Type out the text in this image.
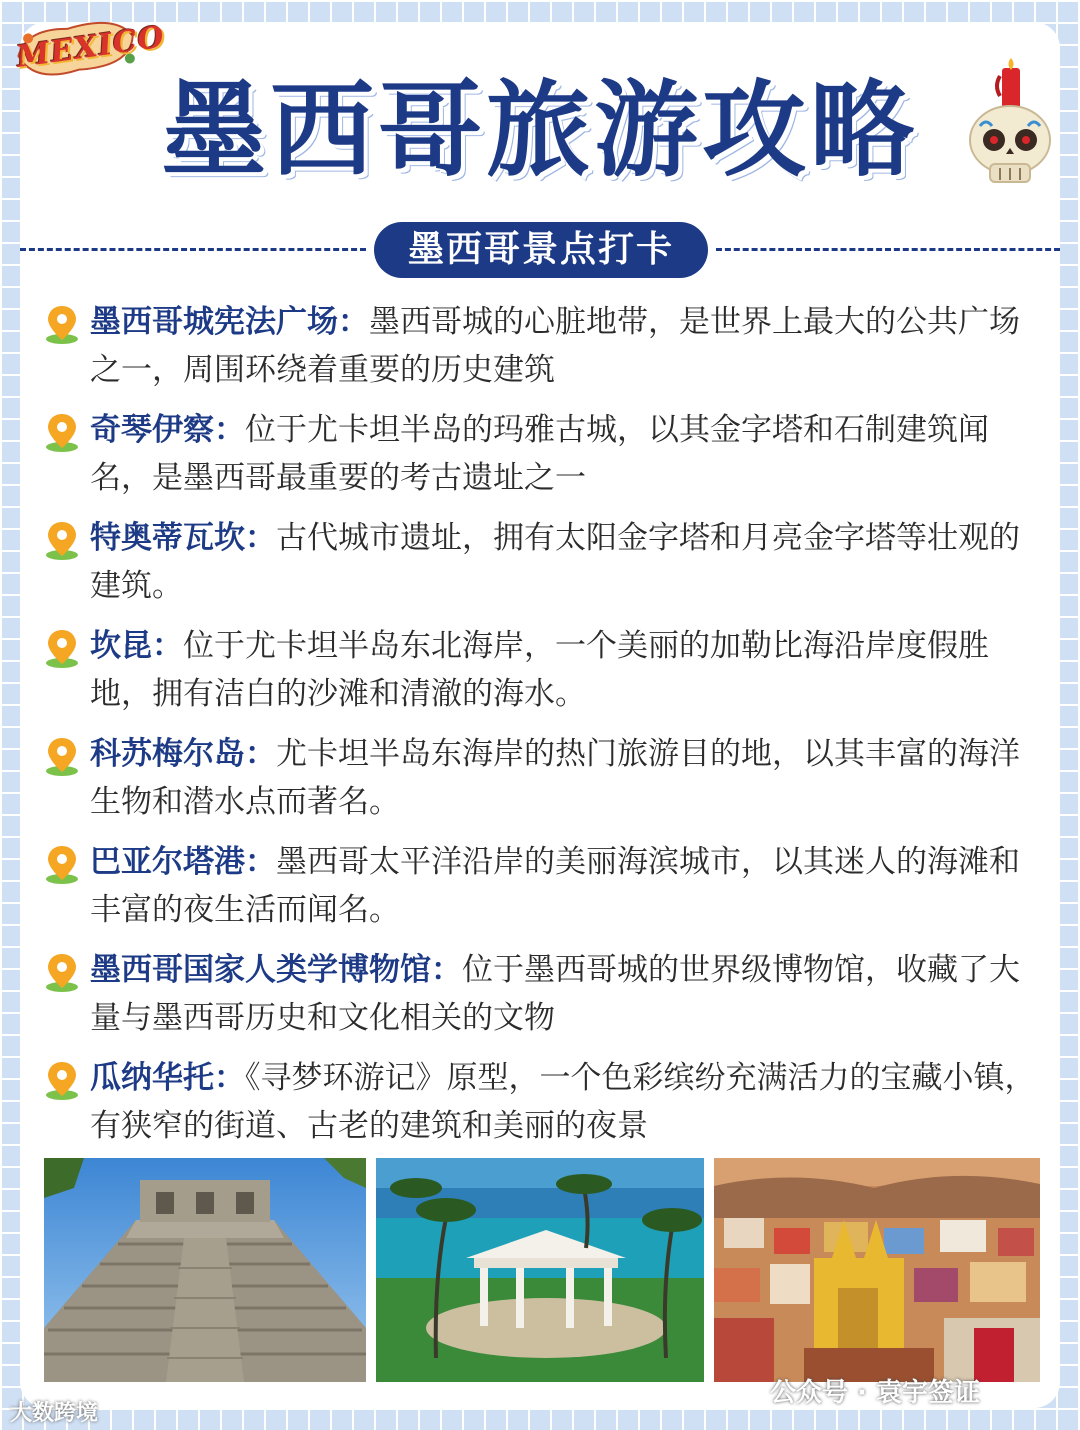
MEXICO
墨西哥旅游攻略
墨西哥景点打卡
墨西哥城宪法广场：墨西哥城的心脏地带，是世界上最大的公共广场之一，周围环绕着重要的历史建筑
奇琴伊察：位于尤卡坦半岛的玛雅古城，以其金字塔和石制建筑闻名，是墨西哥最重要的考古遗址之一
特奥蒂瓦坎：古代城市遗址，拥有太阳金字塔和月亮金字塔等壮观的建筑。
坎昆：位于尤卡坦半岛东北海岸，一个美丽的加勒比海沿岸度假胜地，拥有洁白的沙滩和清澈的海水。
科苏梅尔岛：尤卡坦半岛东海岸的热门旅游目的地，以其丰富的海洋生物和潜水点而著名。
巴亚尔塔港：墨西哥太平洋沿岸的美丽海滨城市，以其迷人的海滩和丰富的夜生活而闻名。
墨西哥国家人类学博物馆：位于墨西哥城的世界级博物馆，收藏了大量与墨西哥历史和文化相关的文物
瓜纳华托：《寻梦环游记》原型，一个色彩缤纷充满活力的宝藏小镇，有狭窄的街道、古老的建筑和美丽的夜景
大数跨境
公众号 · 袁宇签证
